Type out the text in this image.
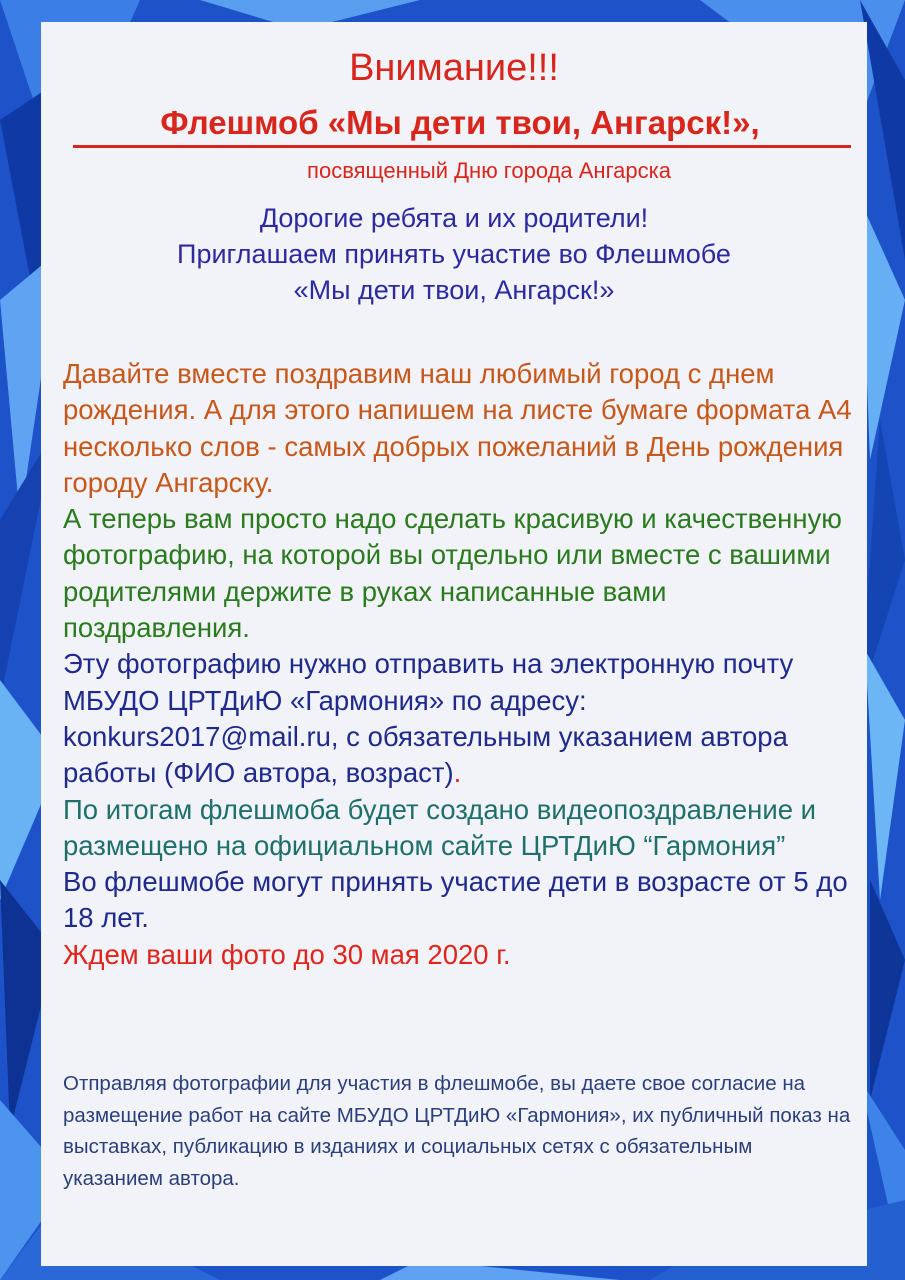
Внимание!!!
Флешмоб «Мы дети твои, Ангарск!»,
посвященный Дню города Ангарска
Дорогие ребята и их родители!
Приглашаем принять участие во Флешмобе
«Мы дети твои, Ангарск!»
Давайте вместе поздравим наш любимый город с днем рождения. А для этого напишем на листе бумаге формата А4 несколько слов - самых добрых пожеланий в День рождения городу Ангарску.
А теперь вам просто надо сделать красивую и качественную фотографию, на которой вы отдельно или вместе с вашими родителями держите в руках написанные вами поздравления.
Эту фотографию нужно отправить на электронную почту МБУДО ЦРТДиЮ «Гармония» по адресу: konkurs2017@mail.ru, с обязательным указанием автора работы (ФИО автора, возраст).
По итогам флешмоба будет создано видеопоздравление и размещено на официальном сайте ЦРТДиЮ “Гармония”
Во флешмобе могут принять участие дети в возрасте от 5 до 18 лет.
Ждем ваши фото до 30 мая 2020 г.
Отправляя фотографии для участия в флешмобе, вы даете свое согласие на размещение работ на сайте МБУДО ЦРТДиЮ «Гармония», их публичный показ на выставках, публикацию в изданиях и социальных сетях с обязательным указанием автора.
